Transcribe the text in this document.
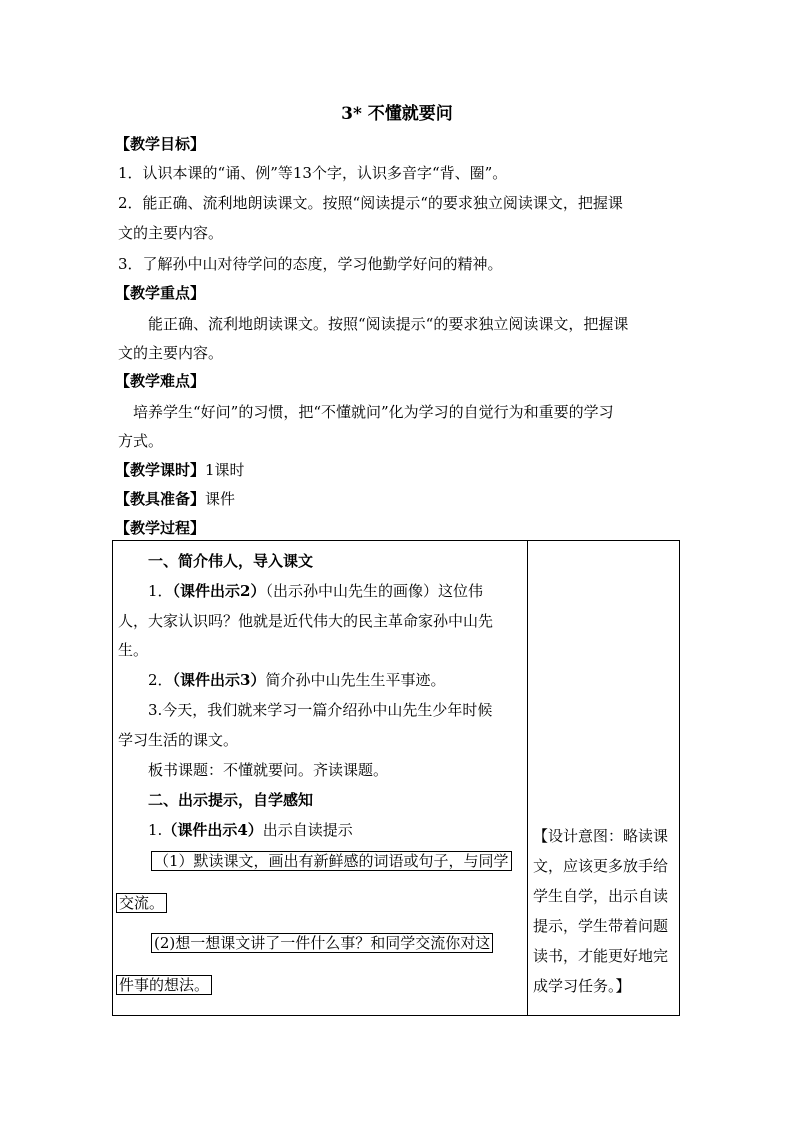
3* 不懂就要问
【教学目标】
1．认识本课的“诵、例”等13个字，认识多音字“背、圈”。
2．能正确、流利地朗读课文。按照“阅读提示“的要求独立阅读课文，把握课
文的主要内容。
3．了解孙中山对待学问的态度，学习他勤学好问的精神。
【教学重点】
能正确、流利地朗读课文。按照“阅读提示“的要求独立阅读课文，把握课
文的主要内容。
【教学难点】
培养学生“好问”的习惯，把“不懂就问”化为学习的自觉行为和重要的学习
方式。
【教学课时】1课时
【教具准备】课件
【教学过程】
一、简介伟人，导入课文
1．（课件出示2）（出示孙中山先生的画像）这位伟
人，大家认识吗？他就是近代伟大的民主革命家孙中山先
生。
2．（课件出示3）简介孙中山先生生平事迹。
3.今天，我们就来学习一篇介绍孙中山先生少年时候
学习生活的课文。
板书课题：不懂就要问。齐读课题。
二、出示提示，自学感知
1.（课件出示4）出示自读提示
（1）默读课文，画出有新鲜感的词语或句子，与同学
交流。
(2)想一想课文讲了一件什么事？和同学交流你对这
件事的想法。
【设计意图：略读课
文，应该更多放手给
学生自学，出示自读
提示，学生带着问题
读书，才能更好地完
成学习任务。】
